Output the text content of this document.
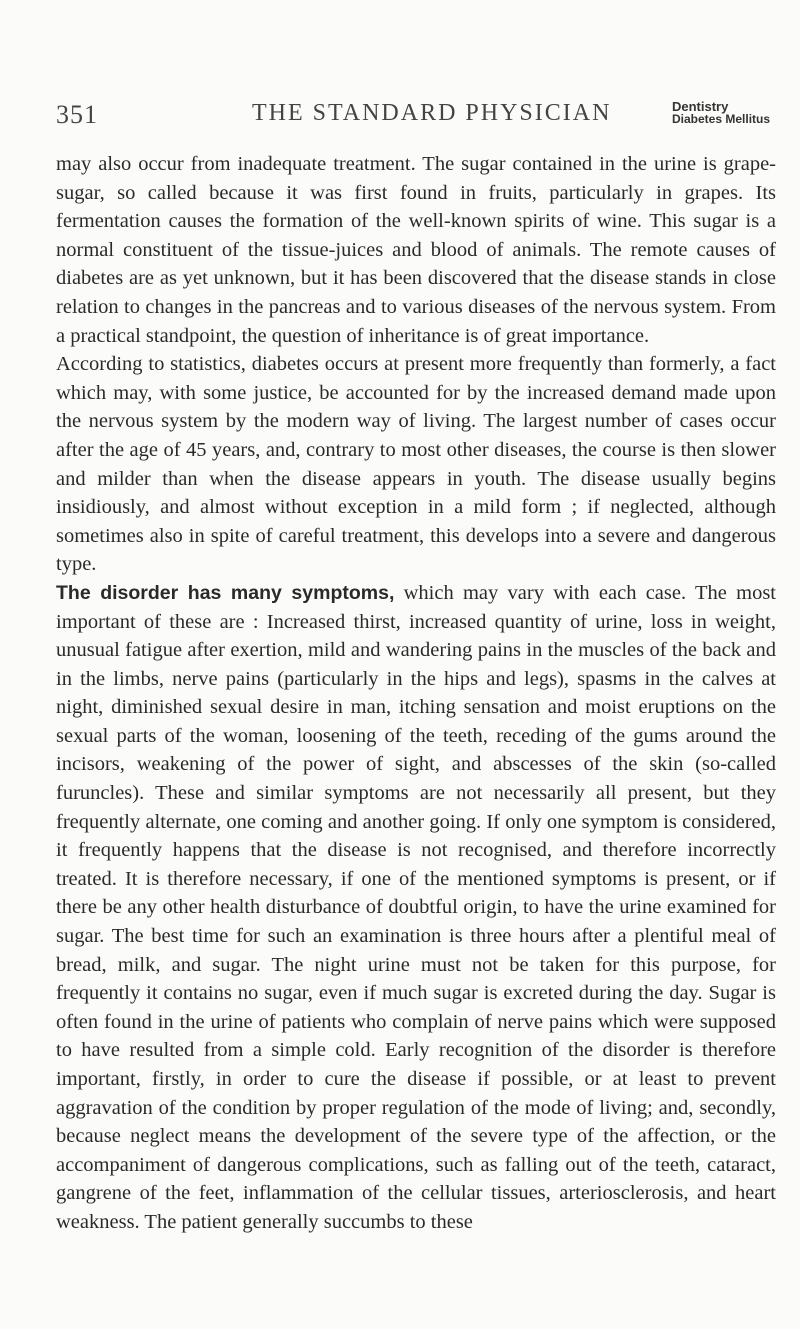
351	THE STANDARD PHYSICIAN	Dentistry
Diabetes Mellitus

may also occur from inadequate treatment. The sugar contained in the urine is grape-sugar, so called because it was first found in fruits, particularly in grapes. Its fermentation causes the formation of the well-known spirits of wine. This sugar is a normal constituent of the tissue-juices and blood of animals. The remote causes of diabetes are as yet unknown, but it has been discovered that the disease stands in close relation to changes in the pancreas and to various diseases of the nervous system. From a practical standpoint, the question of inheritance is of great importance.

According to statistics, diabetes occurs at present more frequently than formerly, a fact which may, with some justice, be accounted for by the increased demand made upon the nervous system by the modern way of living. The largest number of cases occur after the age of 45 years, and, contrary to most other diseases, the course is then slower and milder than when the disease appears in youth. The disease usually begins insidiously, and almost without exception in a mild form ; if neglected, although sometimes also in spite of careful treatment, this develops into a severe and dangerous type.

The disorder has many symptoms, which may vary with each case. The most important of these are : Increased thirst, increased quantity of urine, loss in weight, unusual fatigue after exertion, mild and wandering pains in the muscles of the back and in the limbs, nerve pains (particularly in the hips and legs), spasms in the calves at night, diminished sexual desire in man, itching sensation and moist eruptions on the sexual parts of the woman, loosening of the teeth, receding of the gums around the incisors, weakening of the power of sight, and abscesses of the skin (so-called furuncles). These and similar symptoms are not necessarily all present, but they frequently alternate, one coming and another going. If only one symptom is considered, it frequently happens that the disease is not recognised, and therefore incorrectly treated. It is therefore necessary, if one of the mentioned symptoms is present, or if there be any other health disturbance of doubtful origin, to have the urine examined for sugar. The best time for such an examination is three hours after a plentiful meal of bread, milk, and sugar. The night urine must not be taken for this purpose, for frequently it contains no sugar, even if much sugar is excreted during the day. Sugar is often found in the urine of patients who complain of nerve pains which were supposed to have resulted from a simple cold. Early recognition of the disorder is therefore important, firstly, in order to cure the disease if possible, or at least to prevent aggravation of the condition by proper regulation of the mode of living; and, secondly, because neglect means the development of the severe type of the affection, or the accompaniment of dangerous complications, such as falling out of the teeth, cataract, gangrene of the feet, inflammation of the cellular tissues, arteriosclerosis, and heart weakness. The patient generally succumbs to these
